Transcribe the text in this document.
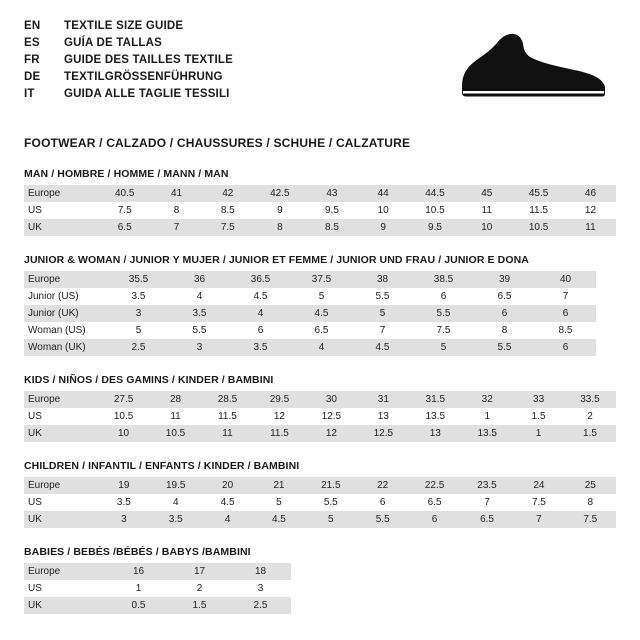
EN	TEXTILE SIZE GUIDE
ES	GUÍA DE TALLAS
FR	GUIDE DES TAILLES TEXTILE
DE	TEXTILGRÖSSENFÜHRUNG
IT	GUIDA ALLE TAGLIE TESSILI
FOOTWEAR / CALZADO / CHAUSSURES / SCHUHE / CALZATURE
MAN / HOMBRE / HOMME / MANN / MAN
Europe	40.5	41	42	42.5	43	44	44.5	45	45.5	46
US	7.5	8	8.5	9	9.5	10	10.5	11	11.5	12
UK	6.5	7	7.5	8	8.5	9	9.5	10	10.5	11
JUNIOR & WOMAN / JUNIOR Y MUJER / JUNIOR ET FEMME / JUNIOR UND FRAU / JUNIOR E DONA
Europe	35.5	36	36.5	37.5	38	38.5	39	40
Junior (US)	3.5	4	4.5	5	5.5	6	6.5	7
Junior (UK)	3	3.5	4	4.5	5	5.5	6	6
Woman (US)	5	5.5	6	6.5	7	7.5	8	8.5
Woman (UK)	2.5	3	3.5	4	4.5	5	5.5	6
KIDS / NIÑOS / DES GAMINS / KINDER / BAMBINI
Europe	27.5	28	28.5	29.5	30	31	31.5	32	33	33.5
US	10.5	11	11.5	12	12.5	13	13.5	1	1.5	2
UK	10	10.5	11	11.5	12	12.5	13	13.5	1	1.5
CHILDREN / INFANTIL / ENFANTS / KINDER / BAMBINI
Europe	19	19.5	20	21	21.5	22	22.5	23.5	24	25
US	3.5	4	4.5	5	5.5	6	6.5	7	7.5	8
UK	3	3.5	4	4.5	5	5.5	6	6.5	7	7.5
BABIES / BEBÉS /BÉBÉS / BABYS /BAMBINI
Europe	16	17	18
US	1	2	3
UK	0.5	1.5	2.5
